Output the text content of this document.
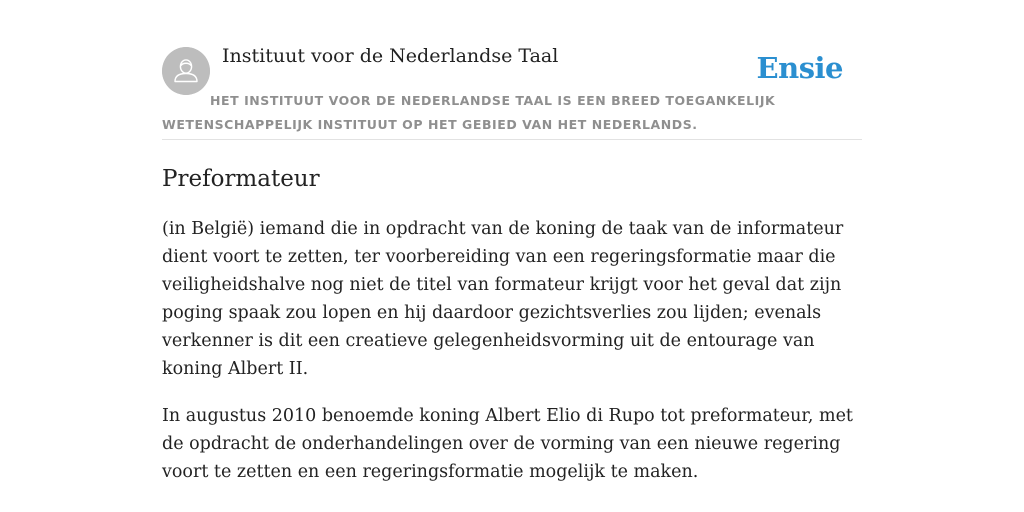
Instituut voor de Nederlandse Taal	Ensie
HET INSTITUUT VOOR DE NEDERLANDSE TAAL IS EEN BREED TOEGANKELIJK WETENSCHAPPELIJK INSTITUUT OP HET GEBIED VAN HET NEDERLANDS.
Preformateur

(in België) iemand die in opdracht van de koning de taak van de informateur dient voort te zetten, ter voorbereiding van een regeringsformatie maar die veiligheidshalve nog niet de titel van formateur krijgt voor het geval dat zijn poging spaak zou lopen en hij daardoor gezichtsverlies zou lijden; evenals verkenner is dit een creatieve gelegenheidsvorming uit de entourage van koning Albert II.

In augustus 2010 benoemde koning Albert Elio di Rupo tot preformateur, met de opdracht de onderhandelingen over de vorming van een nieuwe regering voort te zetten en een regeringsformatie mogelijk te maken.
